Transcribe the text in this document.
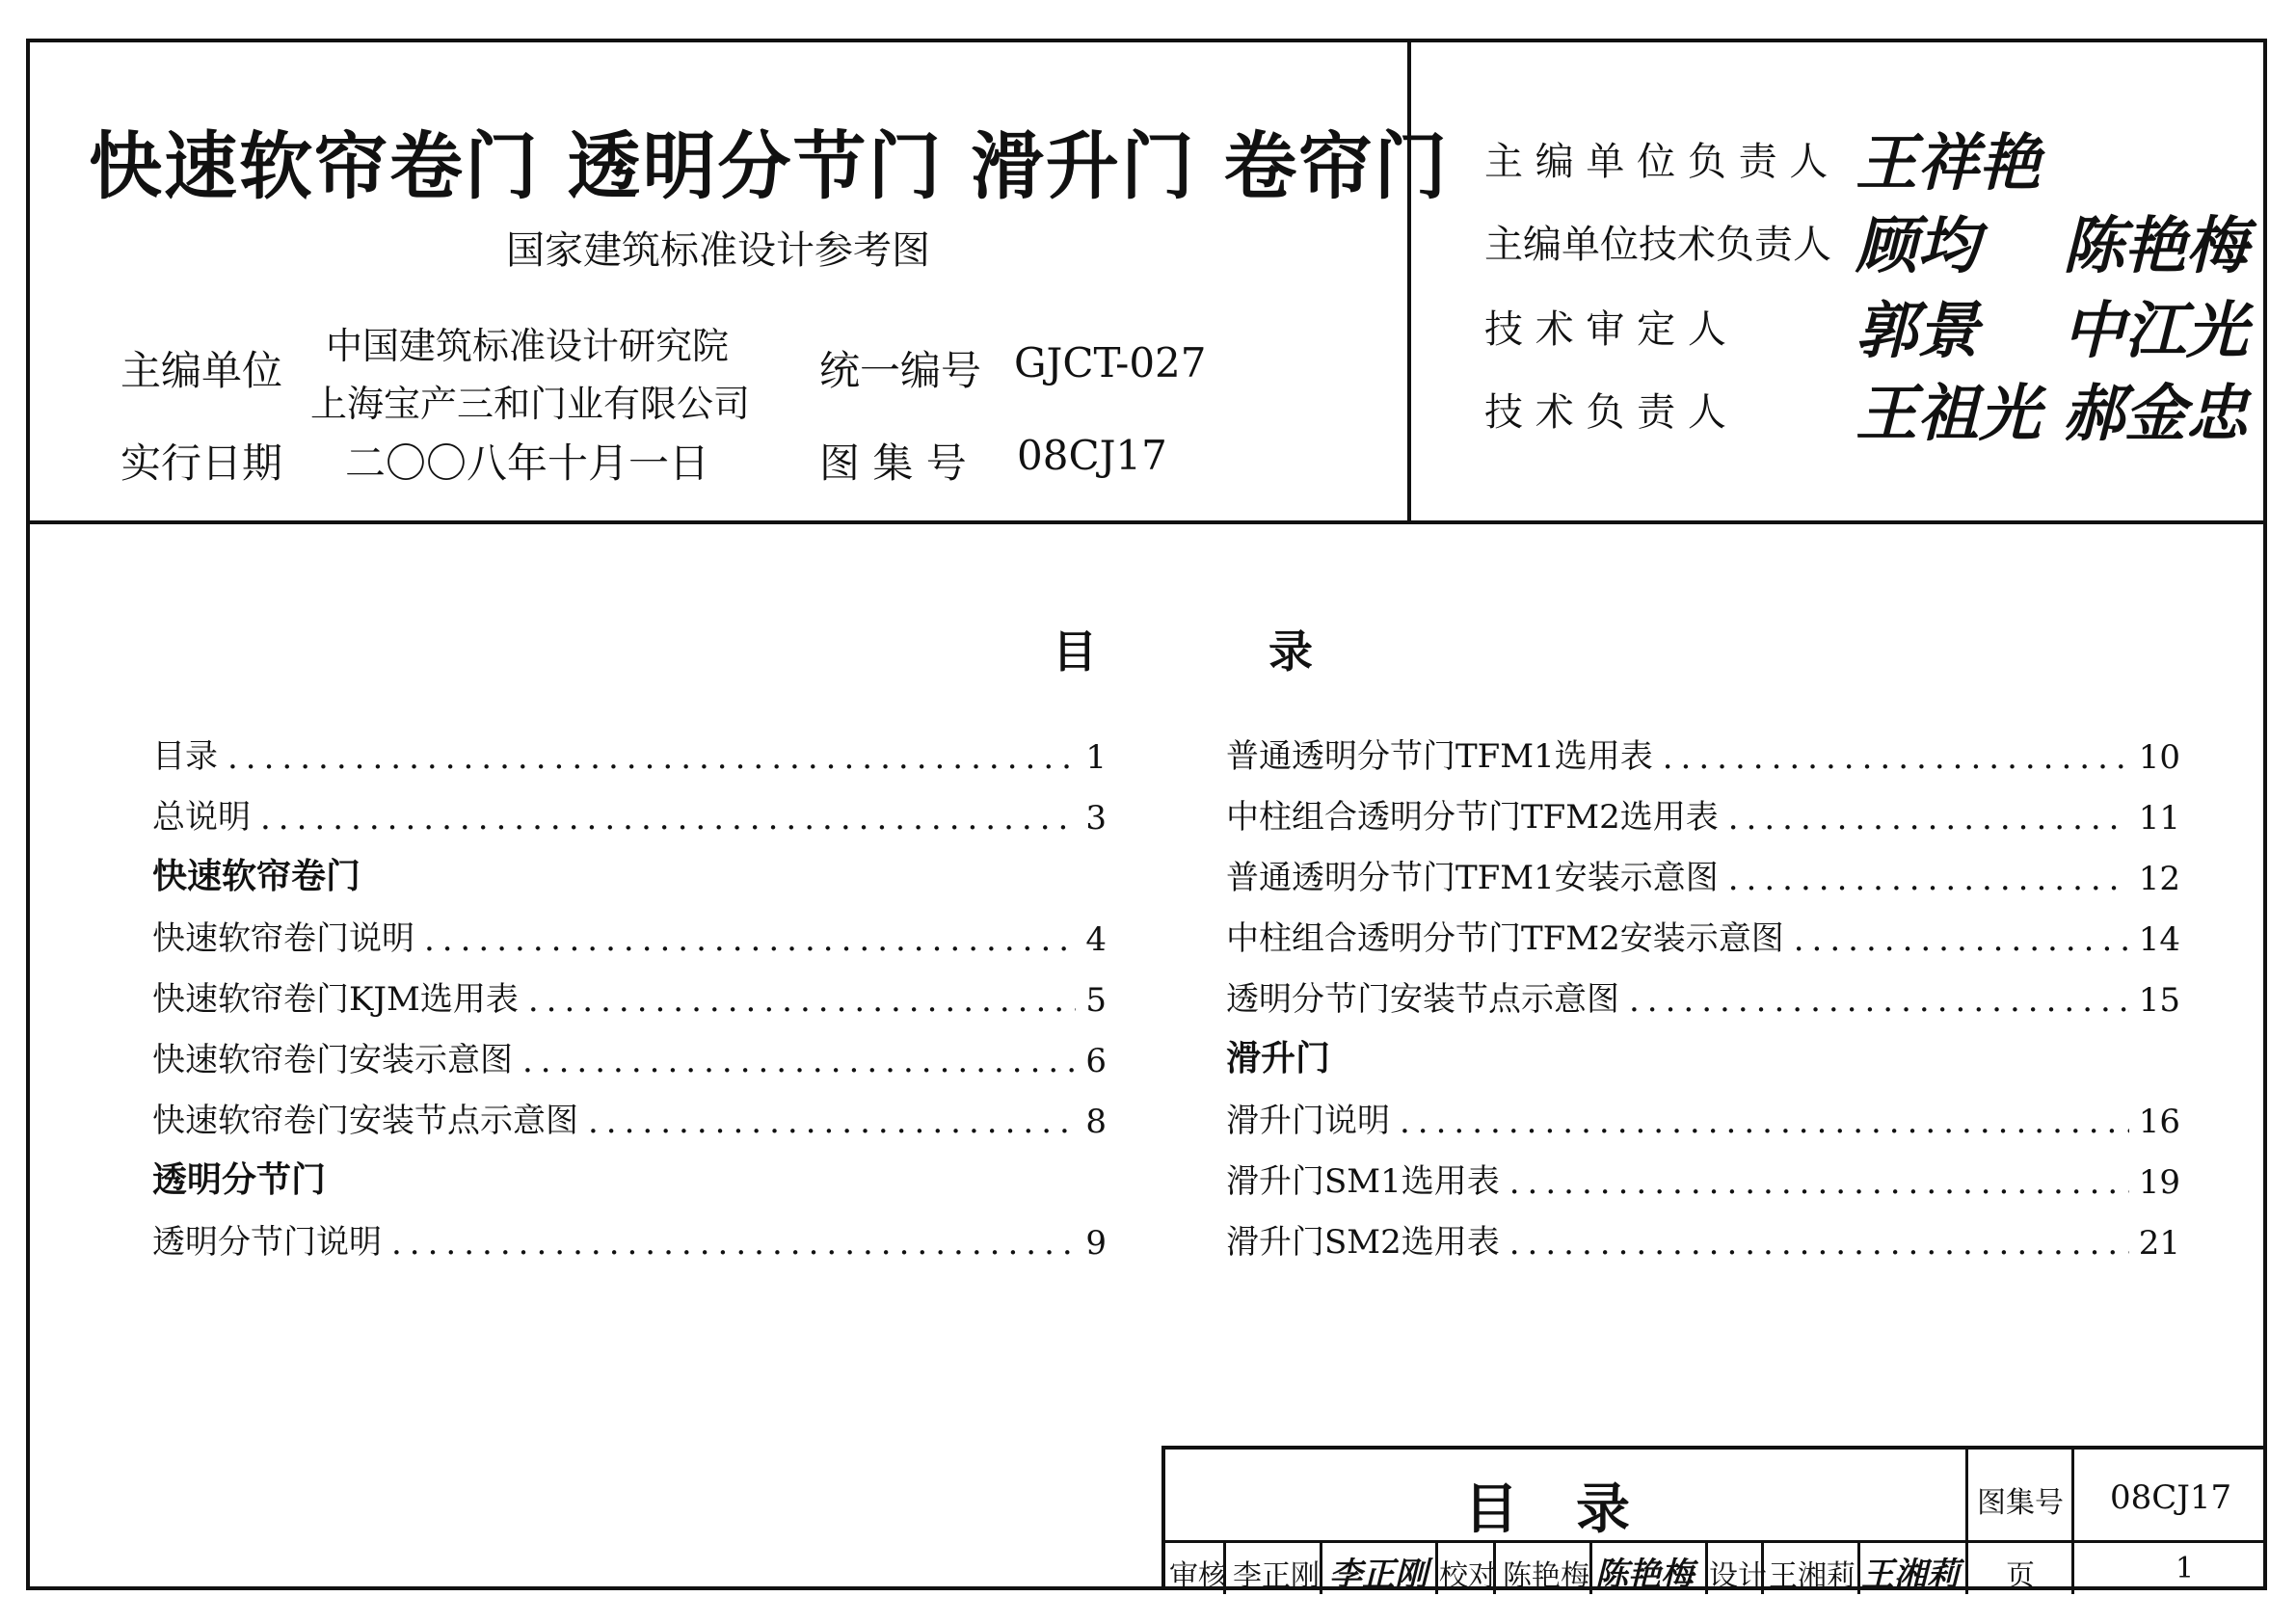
快速软帘卷门 透明分节门 滑升门 卷帘门
国家建筑标准设计参考图
主编单位
中国建筑标准设计研究院
上海宝产三和门业有限公司
统一编号 GJCT-027
实行日期 二〇〇八年十月一日	图 集 号 08CJ17
主 编 单 位 负 责 人 王祥艳
主编单位技术负责人 顾均 陈艳梅
技 术 审 定 人 郭景 中江光
技 术 负 责 人 王祖光 郝金忠
目	录
目录 .....	1
总说明 .....	3
快速软帘卷门
快速软帘卷门说明 .....	4
快速软帘卷门KJM选用表 .....	5
快速软帘卷门安装示意图 .....	6
快速软帘卷门安装节点示意图 .....	8
透明分节门
透明分节门说明 .....	9
普通透明分节门TFM1选用表 .....	10
中柱组合透明分节门TFM2选用表 .....	11
普通透明分节门TFM1安装示意图 .....	12
中柱组合透明分节门TFM2安装示意图 .....	14
透明分节门安装节点示意图 .....	15
滑升门
滑升门说明 .....	16
滑升门SM1选用表 .....	19
滑升门SM2选用表 .....	21
目录	图集号 08CJ17
审核 李正刚 李正刚 校对 陈艳梅 陈艳梅 设计 王湘莉 王湘莉 页	1
